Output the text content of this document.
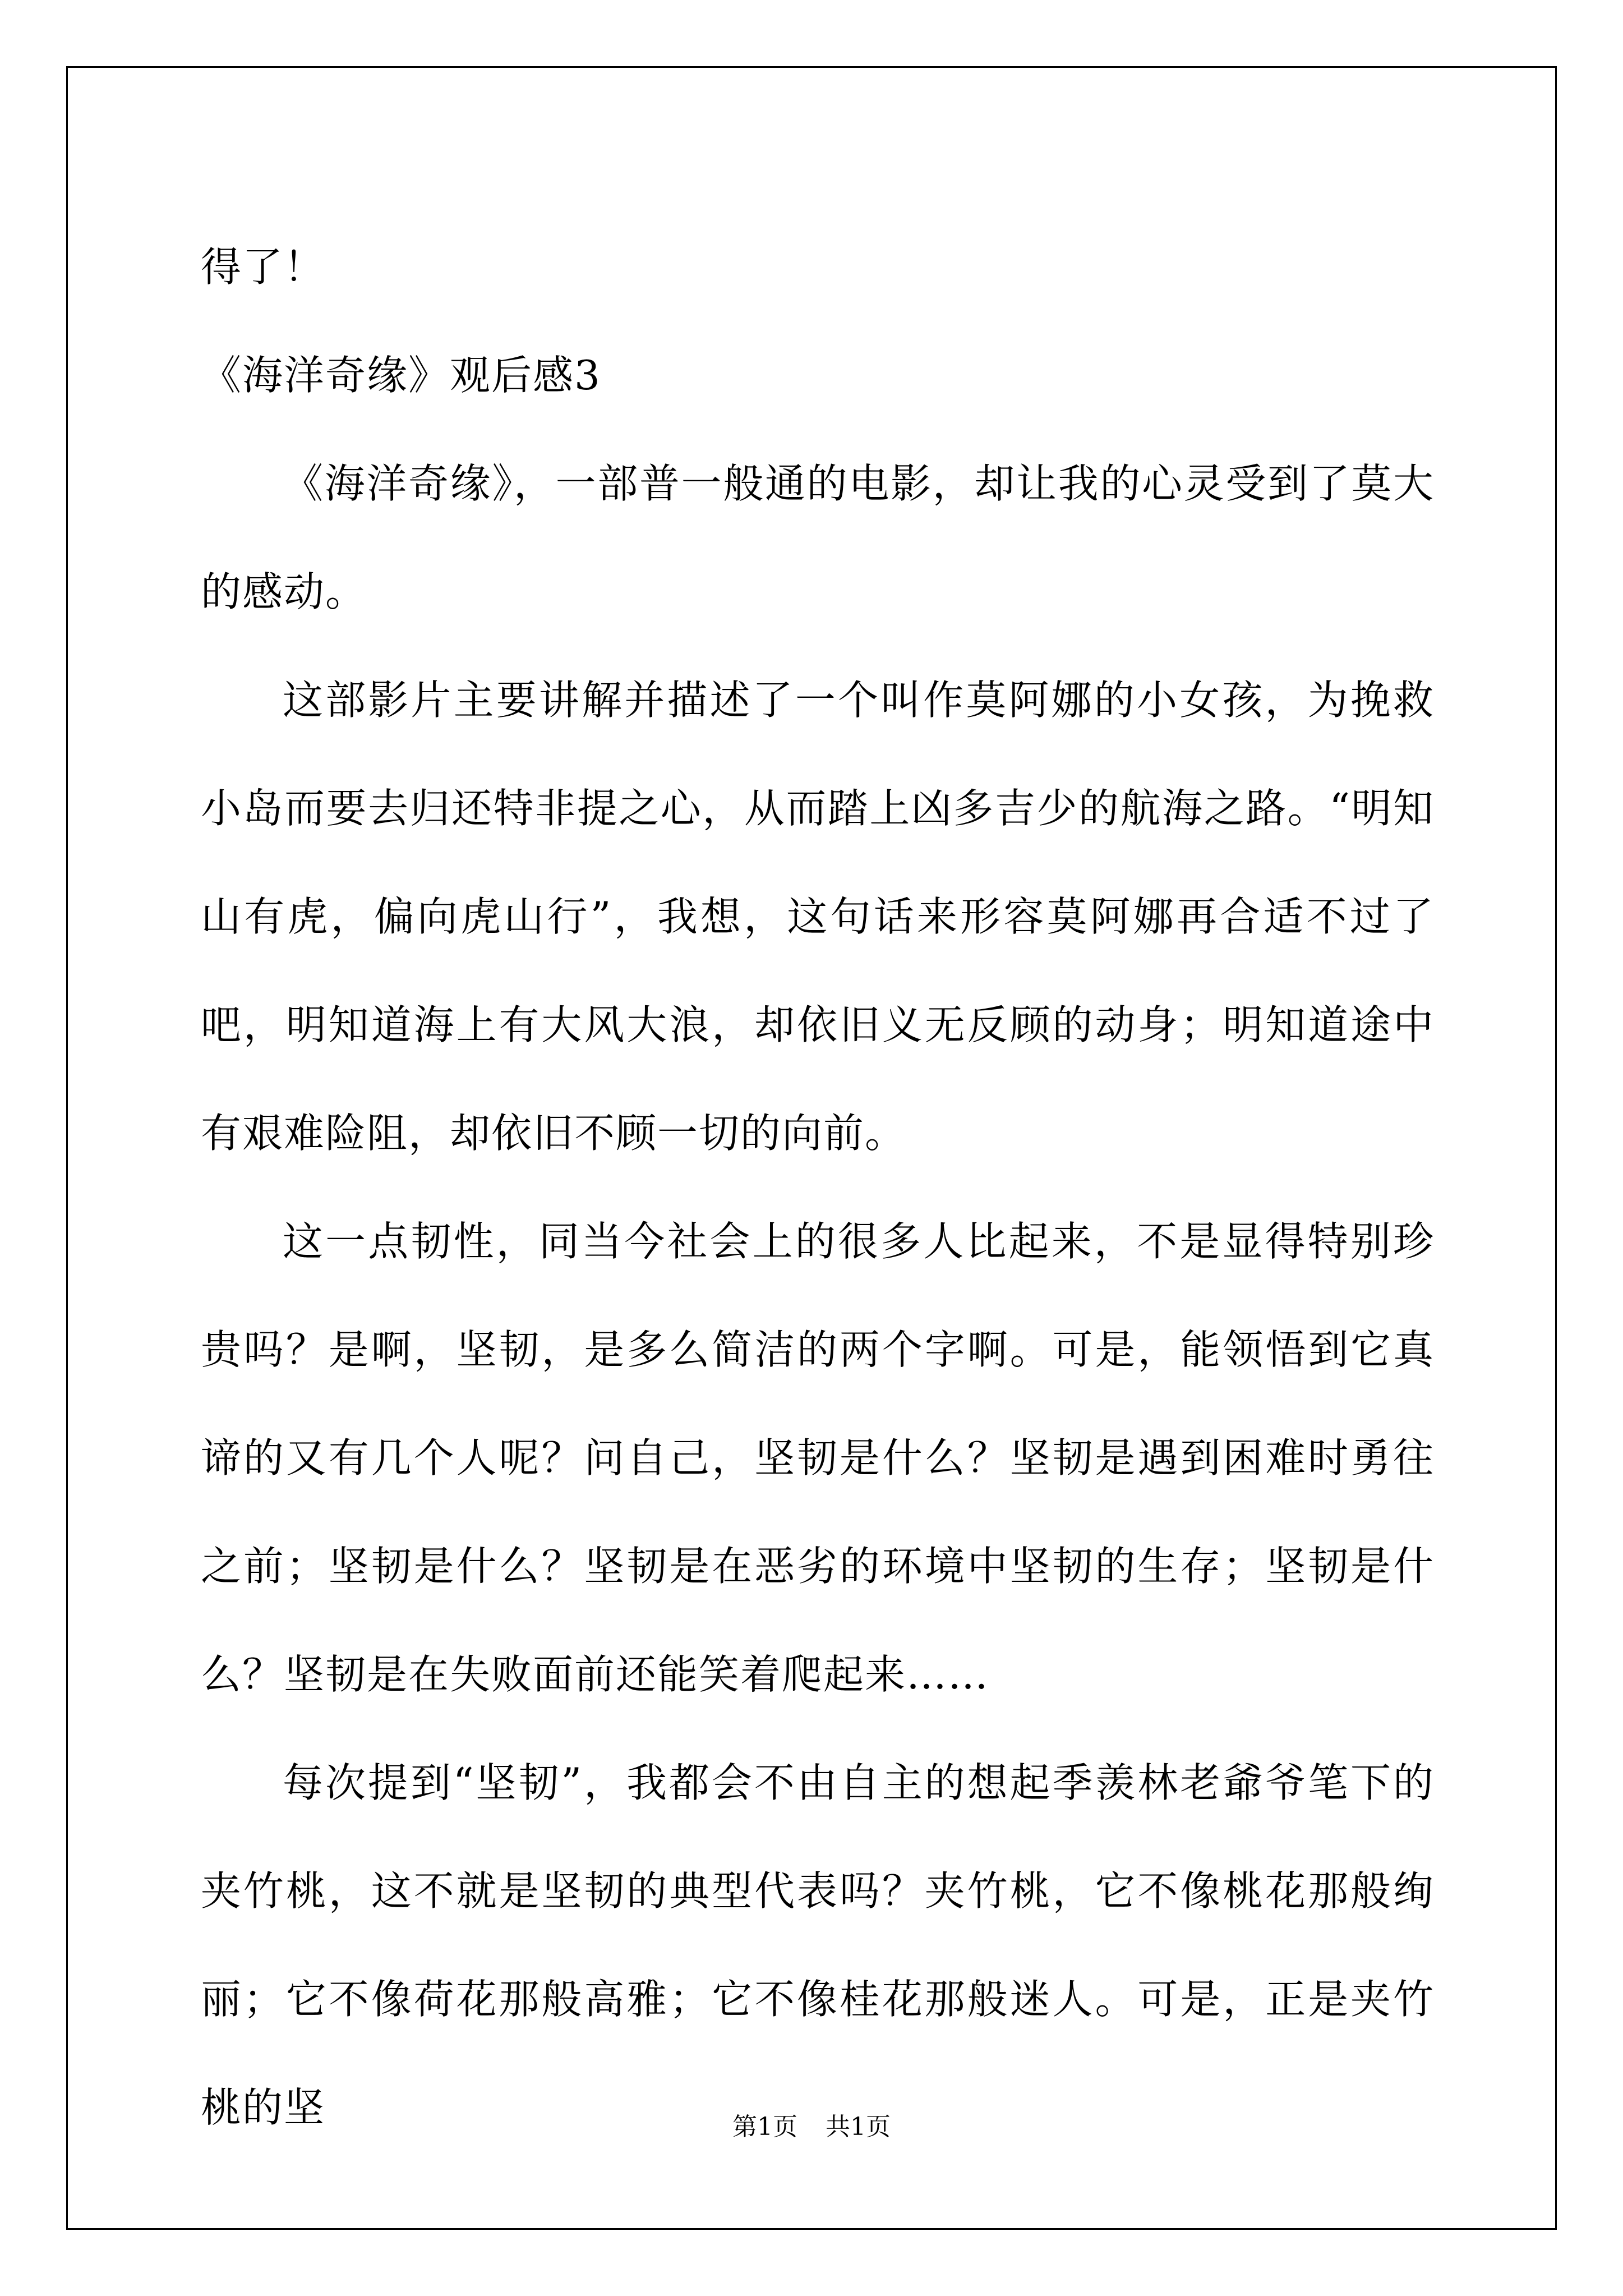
得了！

《海洋奇缘》观后感3

《海洋奇缘》，一部普一般通的电影，却让我的心灵受到了莫大的感动。

这部影片主要讲解并描述了一个叫作莫阿娜的小女孩，为挽救小岛而要去归还特非提之心，从而踏上凶多吉少的航海之路。“明知山有虎，偏向虎山行”，我想，这句话来形容莫阿娜再合适不过了吧，明知道海上有大风大浪，却依旧义无反顾的动身；明知道途中有艰难险阻，却依旧不顾一切的向前。

这一点韧性，同当今社会上的很多人比起来，不是显得特别珍贵吗？是啊，坚韧，是多么简洁的两个字啊。可是，能领悟到它真谛的又有几个人呢？问自己，坚韧是什么？坚韧是遇到困难时勇往之前；坚韧是什么？坚韧是在恶劣的环境中坚韧的生存；坚韧是什么？坚韧是在失败面前还能笑着爬起来……

每次提到“坚韧”，我都会不由自主的想起季羡林老爺爷笔下的夹竹桃，这不就是坚韧的典型代表吗？夹竹桃，它不像桃花那般绚丽；它不像荷花那般高雅；它不像桂花那般迷人。可是，正是夹竹桃的坚	第1页 共1页
